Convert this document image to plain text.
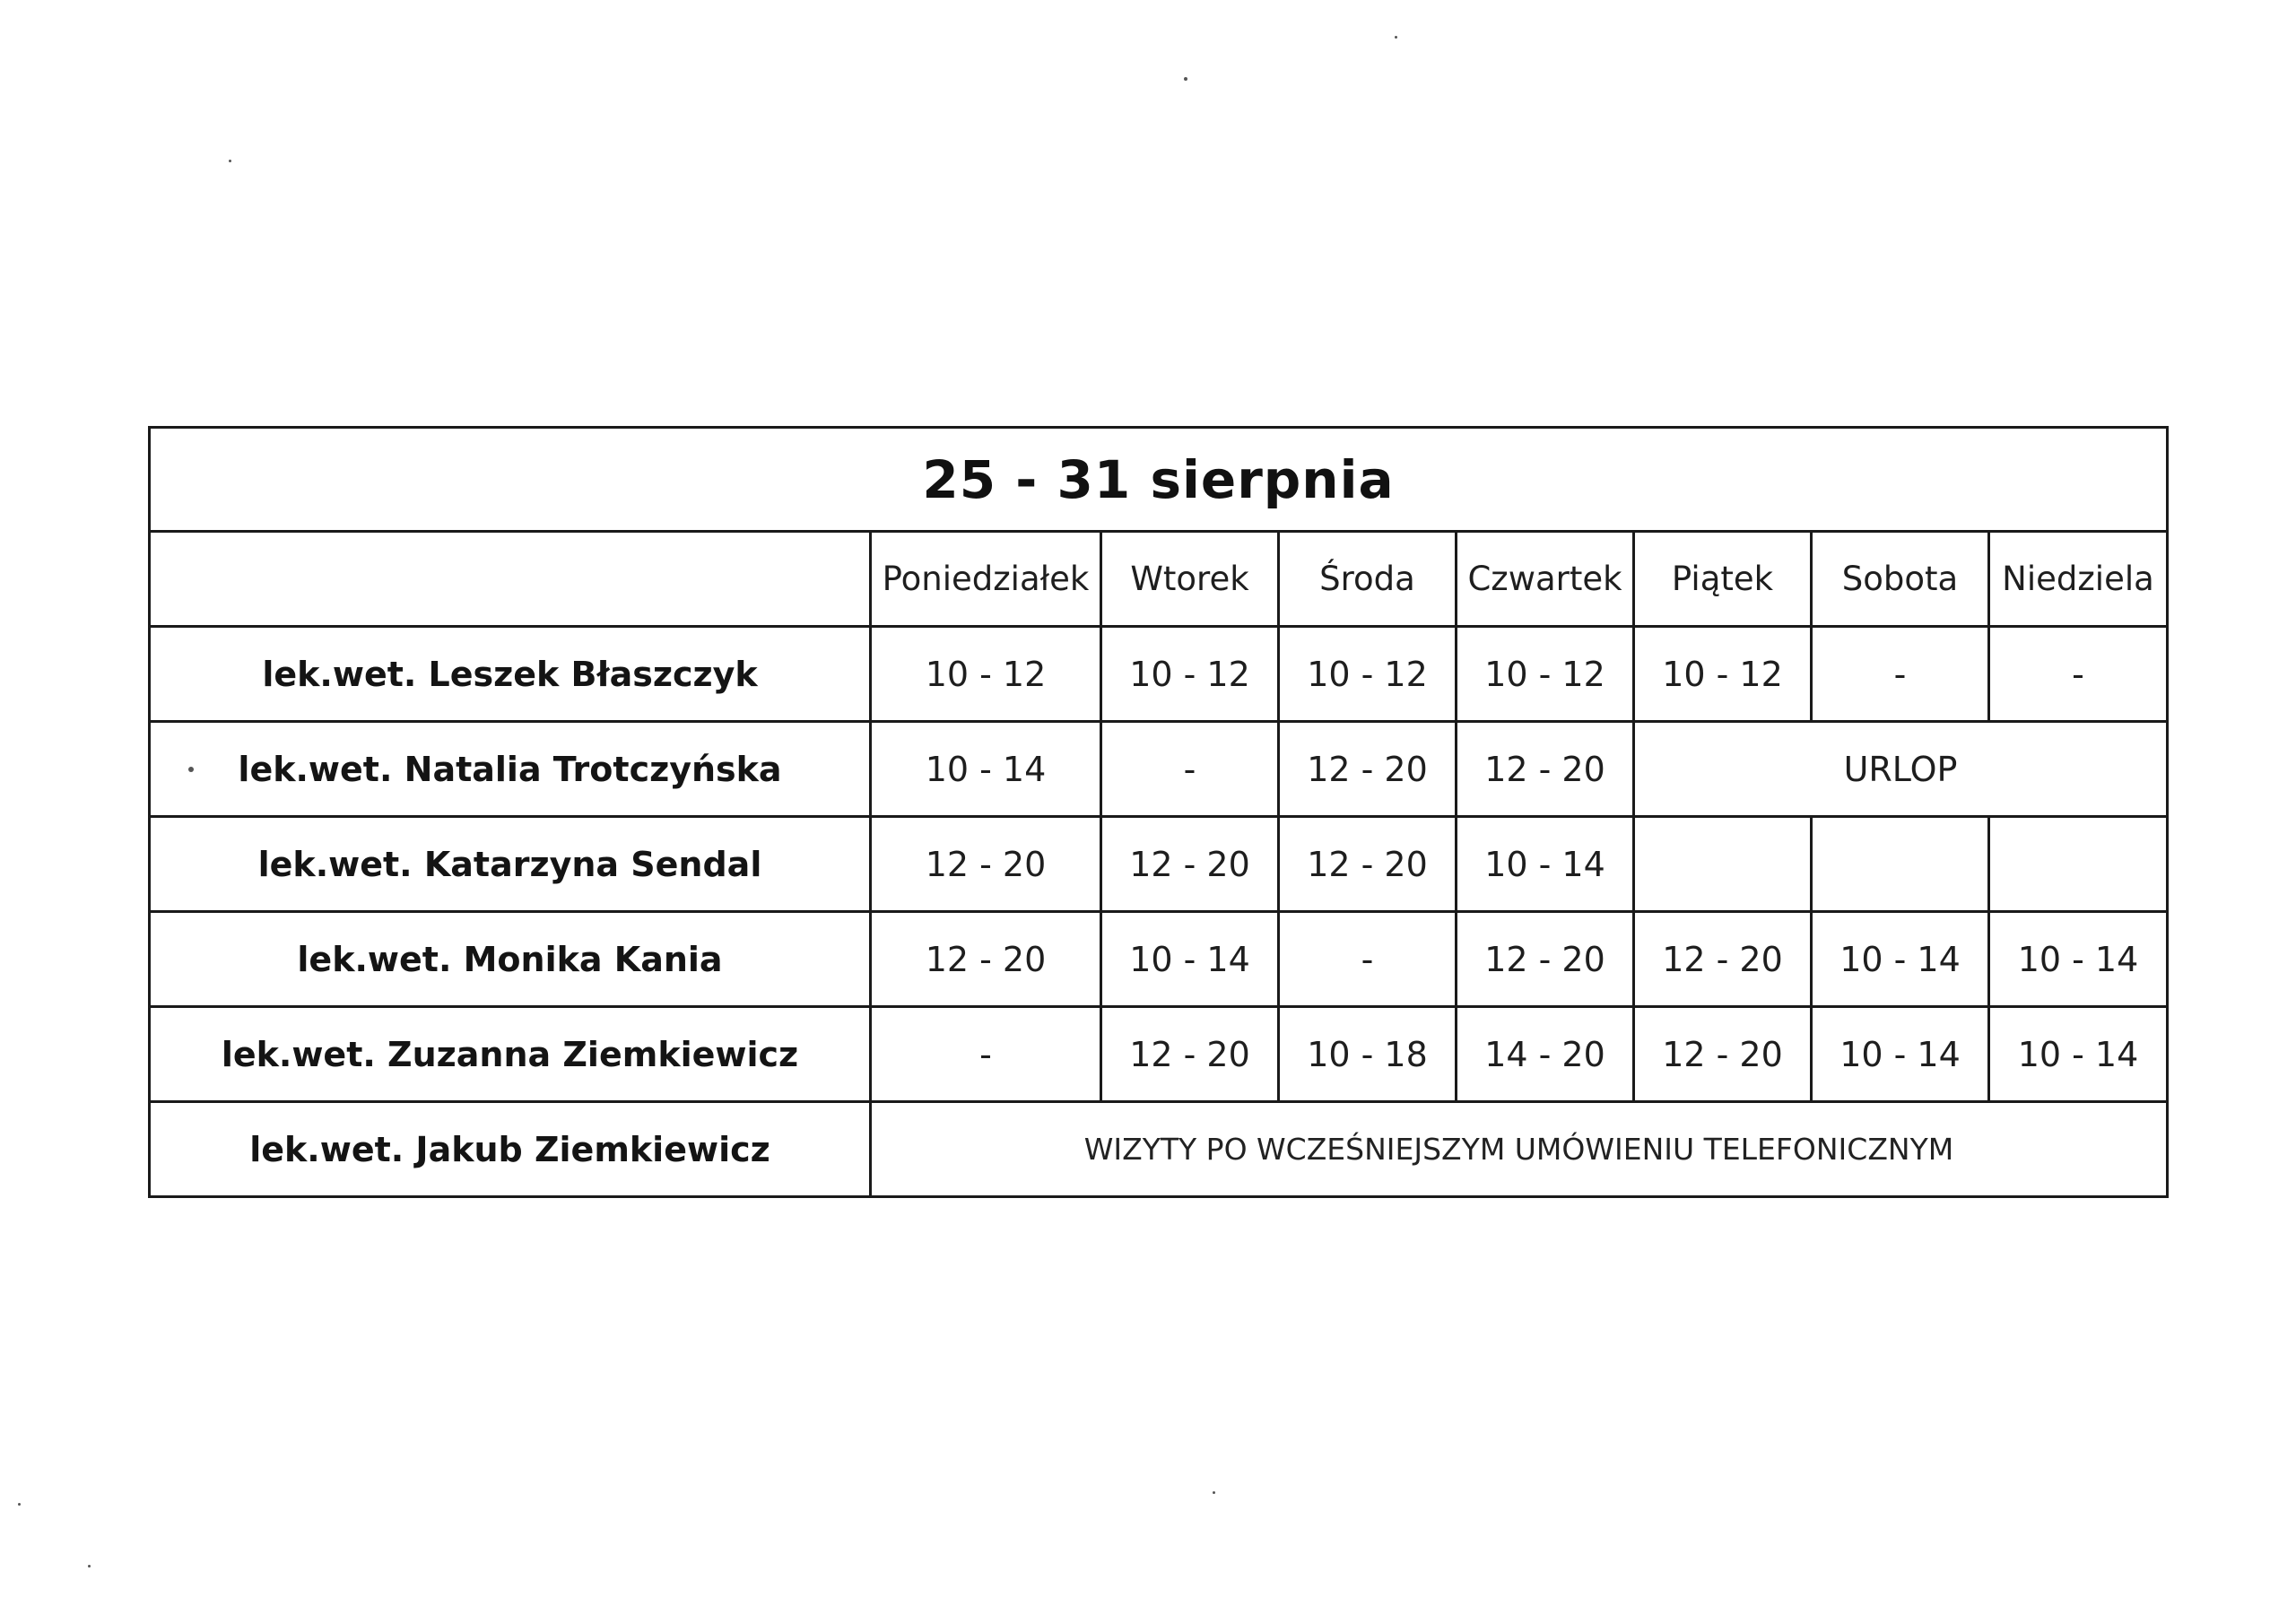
25 - 31 sierpnia							
	Poniedziałek	Wtorek	Środa	Czwartek	Piątek	Sobota	Niedziela
lek.wet. Leszek Błaszczyk	10 - 12	10 - 12	10 - 12	10 - 12	10 - 12	-	-
lek.wet. Natalia Trotczyńska	10 - 14	-	12 - 20	12 - 20	URLOP		
lek.wet. Katarzyna Sendal	12 - 20	12 - 20	12 - 20	10 - 14			
lek.wet. Monika Kania	12 - 20	10 - 14	-	12 - 20	12 - 20	10 - 14	10 - 14
lek.wet. Zuzanna Ziemkiewicz	-	12 - 20	10 - 18	14 - 20	12 - 20	10 - 14	10 - 14
lek.wet. Jakub Ziemkiewicz	WIZYTY PO WCZEŚNIEJSZYM UMÓWIENIU TELEFONICZNYM						
